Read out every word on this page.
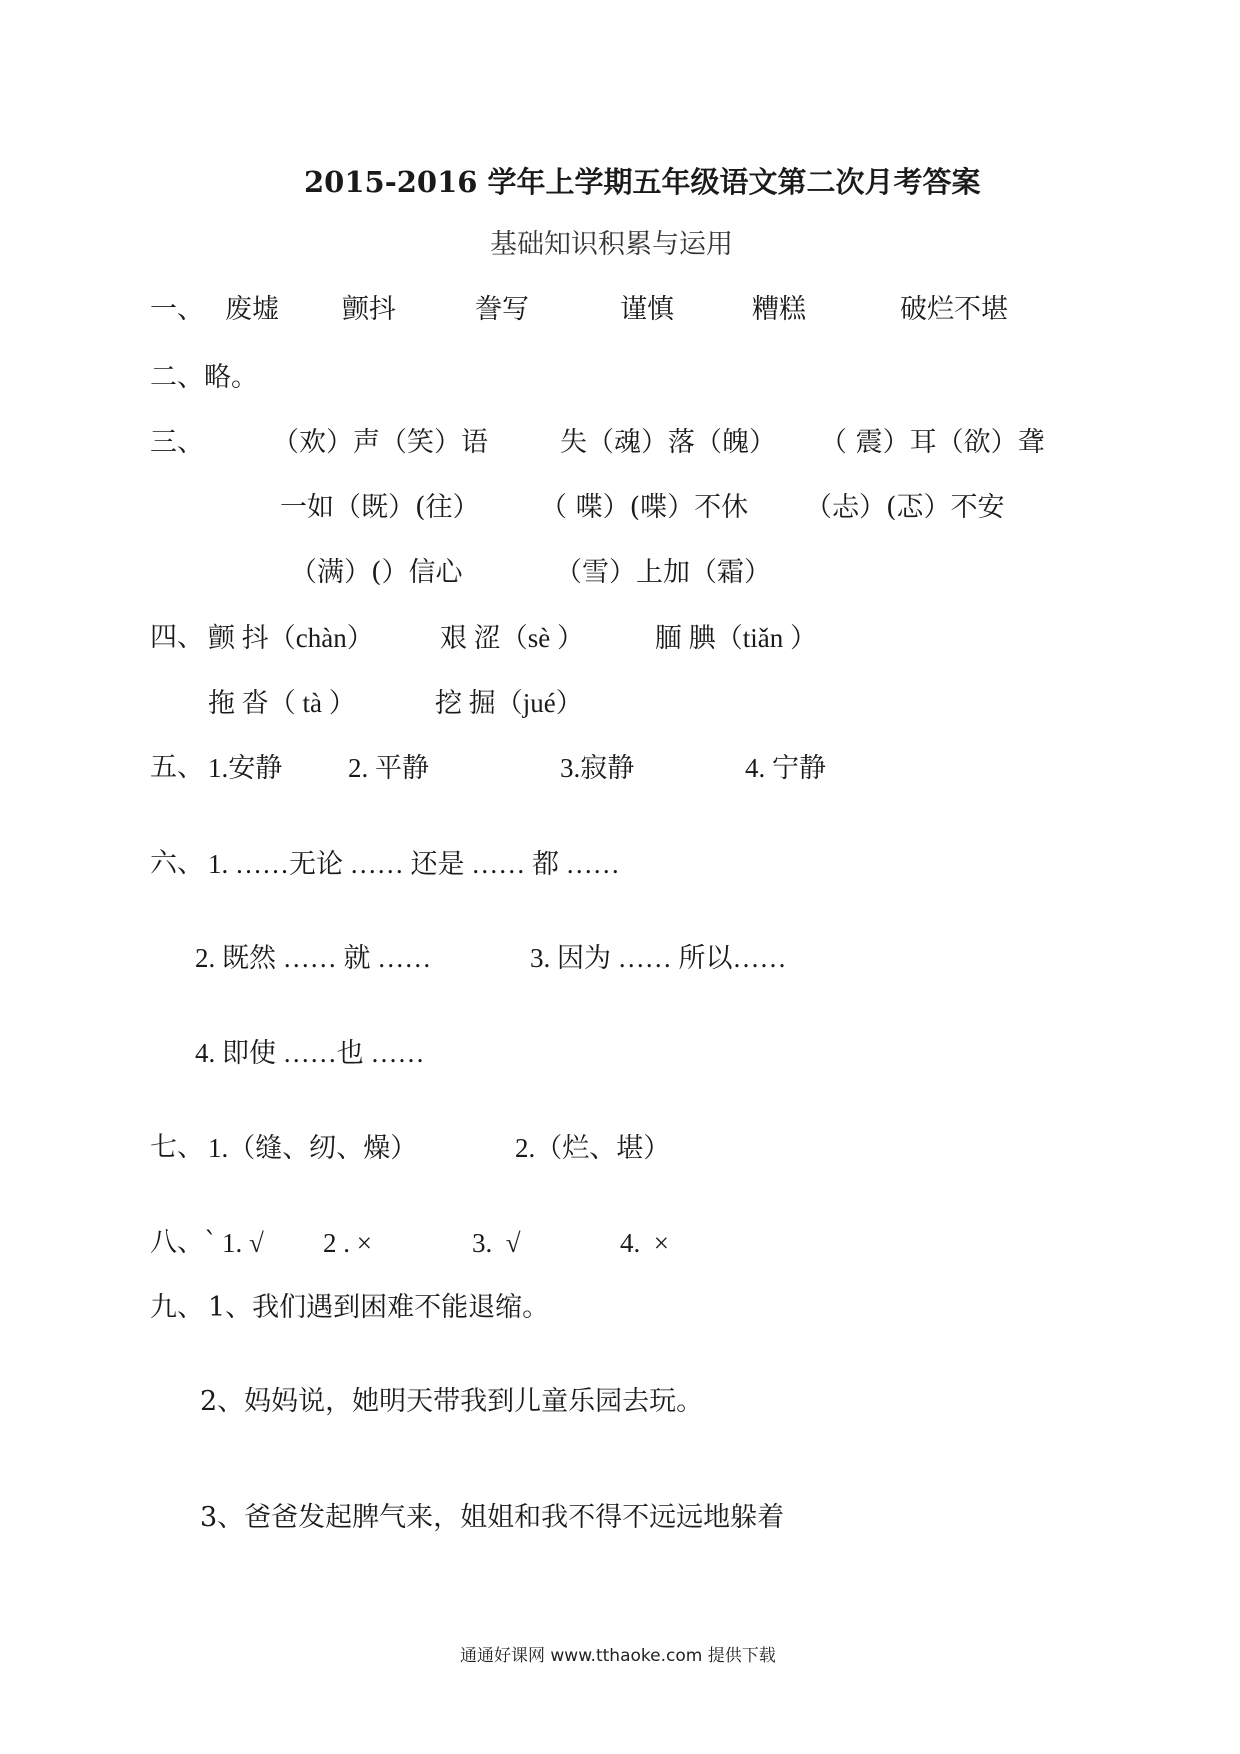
2015-2016 学年上学期五年级语文第二次月考答案
基础知识积累与运用
一、 废墟 颤抖	誊写	谨慎	糟糕	破烂不堪
二、 略。
三、	（欢）声（笑）语	失（魂）落（魄） （ 震）耳（欲）聋
一如（既）(往） （ 喋）(喋）不休 （忐）(忑）不安
（满）(）信心	（雪）上加（霜）
四、 颤 抖（chàn） 艰 涩（sè ）	腼 腆（tiǎn ）
拖 沓（ tà ）	挖 掘（jué）
五、 1.安静 2. 平静	3.寂静	4. 宁静
六、 1. ……无论 …… 还是 …… 都 ……
2. 既然 …… 就 ……	3. 因为 …… 所以……
4. 即使 ……也 ……
七、 1.（缝、纫、燥）	2.（烂、堪）
八、` 1. √ 2 . ×	3.  √	4.  ×
九、 1、我们遇到困难不能退缩。
2、妈妈说，她明天带我到儿童乐园去玩。
3、爸爸发起脾气来，姐姐和我不得不远远地躲着
通通好课网 www.tthaoke.com 提供下载
